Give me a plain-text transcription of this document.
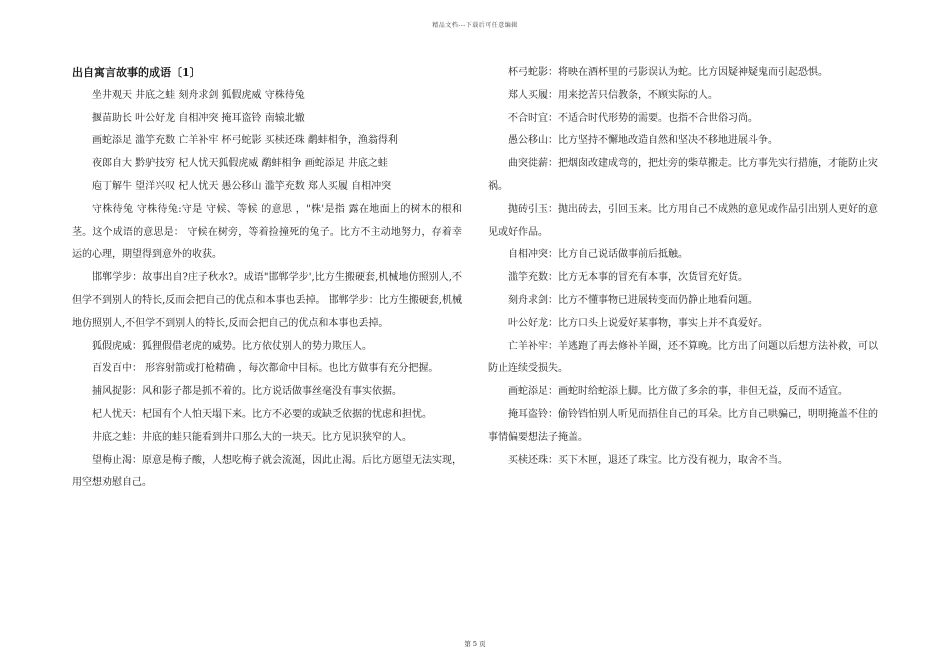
精品文档---下载后可任意编辑
出自寓言故事的成语〔1〕

坐井观天 井底之蛙 刻舟求剑 狐假虎威 守株待兔

揠苗助长 叶公好龙 自相冲突 掩耳盗铃 南辕北辙

画蛇添足 滥竽充数 亡羊补牢 杯弓蛇影 买椟还珠 鹬蚌相争，渔翁得利

夜郎自大 黔驴技穷 杞人忧天狐假虎威 鹬蚌相争 画蛇添足 井底之蛙

庖丁解牛 望洋兴叹 杞人忧天 愚公移山 滥竽充数 郑人买履 自相冲突

守株待兔 守株待兔:守是 守候、等候 的意思 ，"株'是指 露在地面上的树木的根和茎。这个成语的意思是： 守候在树旁，等着捡撞死的兔子。比方不主动地努力，存着幸运的心理，期望得到意外的收获。

邯郸学步：故事出自?庄子秋水?。成语"邯郸学步',比方生搬硬套,机械地仿照别人,不但学不到别人的特长,反而会把自己的优点和本事也丢掉。 邯郸学步：比方生搬硬套,机械地仿照别人,不但学不到别人的特长,反而会把自己的优点和本事也丢掉。

狐假虎威：狐狸假借老虎的威势。比方依仗别人的势力欺压人。

百发百中： 形容射箭或打枪精确 ，每次都命中目标。也比方做事有充分把握。

捕风捉影：风和影子都是抓不着的。比方说话做事丝毫没有事实依据。

杞人忧天：杞国有个人怕天塌下来。比方不必要的或缺乏依据的忧虑和担忧。

井底之蛙：井底的蛙只能看到井口那么大的一块天。比方见识狭窄的人。

望梅止渴：原意是梅子酸，人想吃梅子就会流涎，因此止渴。后比方愿望无法实现，用空想劝慰自己。

杯弓蛇影：将映在酒杯里的弓影误认为蛇。比方因疑神疑鬼而引起恐惧。

郑人买履：用来挖苦只信教条，不顾实际的人。

不合时宜：不适合时代形势的需要。也指不合世俗习尚。

愚公移山：比方坚持不懈地改造自然和坚决不移地进展斗争。

曲突徙薪：把烟囱改建成弯的，把灶旁的柴草搬走。比方事先实行措施，才能防止灾祸。

抛砖引玉：抛出砖去，引回玉来。比方用自己不成熟的意见或作品引出别人更好的意见或好作品。

自相冲突：比方自己说话做事前后抵触。

滥竽充数：比方无本事的冒充有本事，次货冒充好货。

刻舟求剑：比方不懂事物已进展转变而仍静止地看问题。

叶公好龙：比方口头上说爱好某事物，事实上并不真爱好。

亡羊补牢：羊逃跑了再去修补羊圈，还不算晚。比方出了问题以后想方法补救，可以防止连续受损失。

画蛇添足：画蛇时给蛇添上脚。比方做了多余的事，非但无益，反而不适宜。

掩耳盗铃：偷铃铛怕别人听见而捂住自己的耳朵。比方自己哄骗己，明明掩盖不住的事情偏要想法子掩盖。

买椟还珠：买下木匣，退还了珠宝。比方没有视力，取舍不当。

第 5 页
